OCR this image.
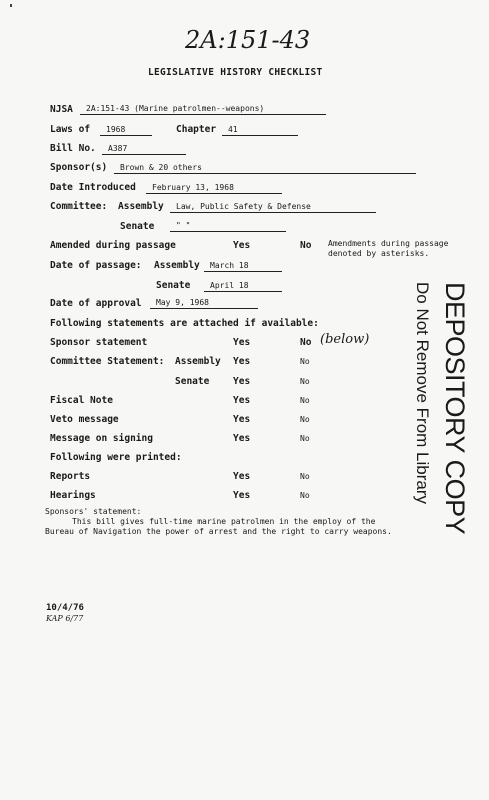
2A:151-43
LEGISLATIVE HISTORY CHECKLIST
NJSA	2A:151-43 (Marine patrolmen--weapons)
Laws of	1968	Chapter	41
Bill No.	A387
Sponsor(s)	Brown & 20 others
Date Introduced	February 13, 1968
Committee: Assembly	Law, Public Safety & Defense
Senate	" "
Amended during passage	Yes	No Amendments during passage
denoted by asterisks.
Date of passage: Assembly	March 18
Senate	April 18
Date of approval	May 9, 1968
Following statements are attached if available:
Sponsor statement	Yes	No (below)
Committee Statement: Assembly Yes	No
Senate Yes	No
Fiscal Note	Yes	No
Veto message	Yes	No
Message on signing	Yes	No
Following were printed:
Reports	Yes	No
Hearings	Yes	No
Sponsors' statement:
This bill gives full-time marine patrolmen in the employ of the
Bureau of Navigation the power of arrest and the right to carry weapons.
10/4/76
KAP 6/77
DEPOSITORY COPY
Do Not Remove From Library
